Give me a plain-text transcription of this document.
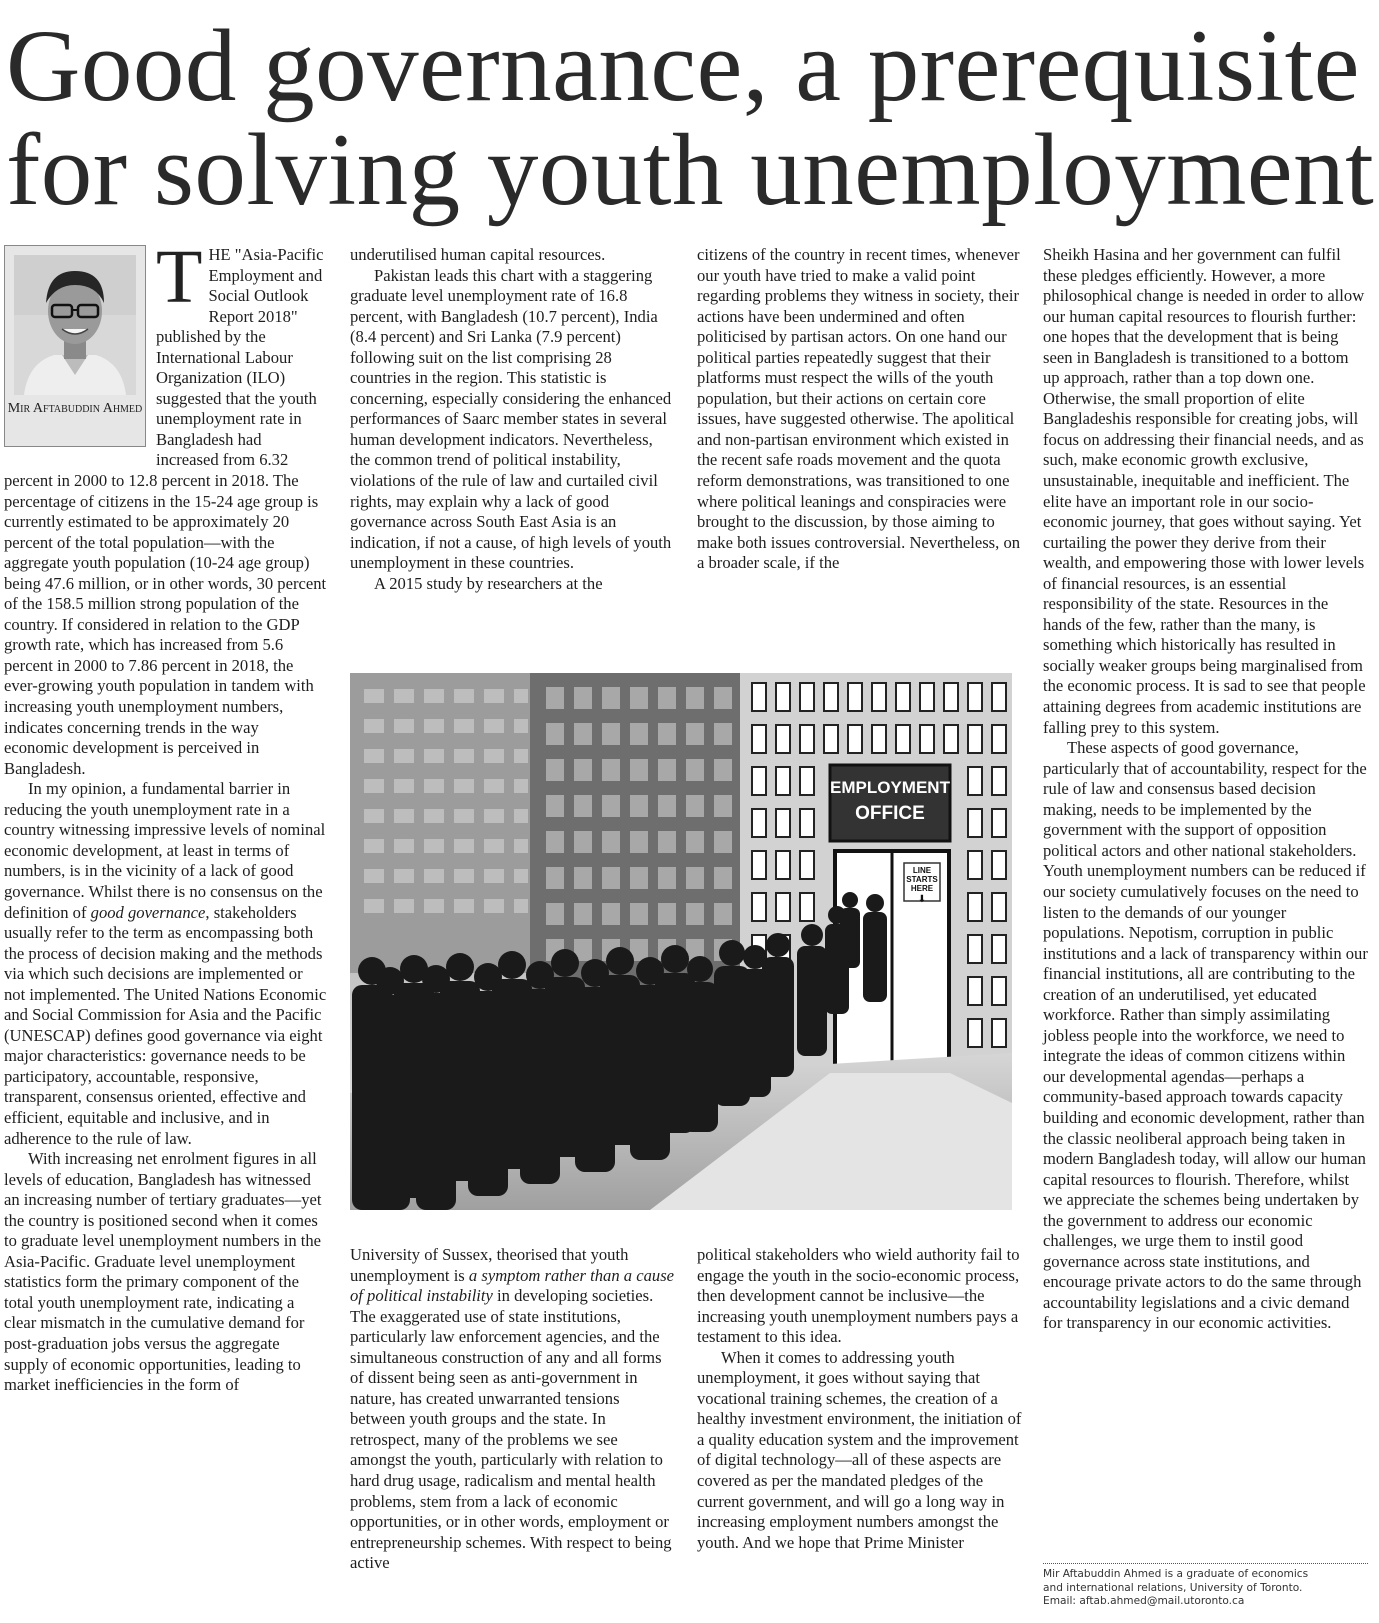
Good governance, a prerequisite
for solving youth unemployment
Mir Aftabuddin Ahmed

THE "Asia-Pacific Employment and Social Outlook Report 2018" published by the International Labour Organization (ILO) suggested that the youth unemployment rate in Bangladesh had increased from 6.32 percent in 2000 to 12.8 percent in 2018. The percentage of citizens in the 15-24 age group is currently estimated to be approximately 20 percent of the total population—with the aggregate youth population (10-24 age group) being 47.6 million, or in other words, 30 percent of the 158.5 million strong population of the country. If considered in relation to the GDP growth rate, which has increased from 5.6 percent in 2000 to 7.86 percent in 2018, the ever-growing youth population in tandem with increasing youth unemployment numbers, indicates concerning trends in the way economic development is perceived in Bangladesh.

In my opinion, a fundamental barrier in reducing the youth unemployment rate in a country witnessing impressive levels of nominal economic development, at least in terms of numbers, is in the vicinity of a lack of good governance. Whilst there is no consensus on the definition of good governance, stakeholders usually refer to the term as encompassing both the process of decision making and the methods via which such decisions are implemented or not implemented. The United Nations Economic and Social Commission for Asia and the Pacific (UNESCAP) defines good governance via eight major characteristics: governance needs to be participatory, accountable, responsive, transparent, consensus oriented, effective and efficient, equitable and inclusive, and in adherence to the rule of law.

With increasing net enrolment figures in all levels of education, Bangladesh has witnessed an increasing number of tertiary graduates—yet the country is positioned second when it comes to graduate level unemployment numbers in the Asia-Pacific. Graduate level unemployment statistics form the primary component of the total youth unemployment rate, indicating a clear mismatch in the cumulative demand for post-graduation jobs versus the aggregate supply of economic opportunities, leading to market inefficiencies in the form of

underutilised human capital resources.

Pakistan leads this chart with a staggering graduate level unemployment rate of 16.8 percent, with Bangladesh (10.7 percent), India (8.4 percent) and Sri Lanka (7.9 percent) following suit on the list comprising 28 countries in the region. This statistic is concerning, especially considering the enhanced performances of Saarc member states in several human development indicators. Nevertheless, the common trend of political instability, violations of the rule of law and curtailed civil rights, may explain why a lack of good governance across South East Asia is an indication, if not a cause, of high levels of youth unemployment in these countries.

A 2015 study by researchers at the

citizens of the country in recent times, whenever our youth have tried to make a valid point regarding problems they witness in society, their actions have been undermined and often politicised by partisan actors. On one hand our political parties repeatedly suggest that their platforms must respect the wills of the youth population, but their actions on certain core issues, have suggested otherwise. The apolitical and non-partisan environment which existed in the recent safe roads movement and the quota reform demonstrations, was transitioned to one where political leanings and conspiracies were brought to the discussion, by those aiming to make both issues controversial. Nevertheless, on a broader scale, if the

EMPLOYMENT
OFFICE
LINE
STARTS
HERE
⬇

University of Sussex, theorised that youth unemployment is a symptom rather than a cause of political instability in developing societies. The exaggerated use of state institutions, particularly law enforcement agencies, and the simultaneous construction of any and all forms of dissent being seen as anti-government in nature, has created unwarranted tensions between youth groups and the state. In retrospect, many of the problems we see amongst the youth, particularly with relation to hard drug usage, radicalism and mental health problems, stem from a lack of economic opportunities, or in other words, employment or entrepreneurship schemes. With respect to being active

political stakeholders who wield authority fail to engage the youth in the socio-economic process, then development cannot be inclusive—the increasing youth unemployment numbers pays a testament to this idea.

When it comes to addressing youth unemployment, it goes without saying that vocational training schemes, the creation of a healthy investment environment, the initiation of a quality education system and the improvement of digital technology—all of these aspects are covered as per the mandated pledges of the current government, and will go a long way in increasing employment numbers amongst the youth. And we hope that Prime Minister

Sheikh Hasina and her government can fulfil these pledges efficiently. However, a more philosophical change is needed in order to allow our human capital resources to flourish further: one hopes that the development that is being seen in Bangladesh is transitioned to a bottom up approach, rather than a top down one. Otherwise, the small proportion of elite Bangladeshis responsible for creating jobs, will focus on addressing their financial needs, and as such, make economic growth exclusive, unsustainable, inequitable and inefficient. The elite have an important role in our socio-economic journey, that goes without saying. Yet curtailing the power they derive from their wealth, and empowering those with lower levels of financial resources, is an essential responsibility of the state. Resources in the hands of the few, rather than the many, is something which historically has resulted in socially weaker groups being marginalised from the economic process. It is sad to see that people attaining degrees from academic institutions are falling prey to this system.

These aspects of good governance, particularly that of accountability, respect for the rule of law and consensus based decision making, needs to be implemented by the government with the support of opposition political actors and other national stakeholders. Youth unemployment numbers can be reduced if our society cumulatively focuses on the need to listen to the demands of our younger populations. Nepotism, corruption in public institutions and a lack of transparency within our financial institutions, all are contributing to the creation of an underutilised, yet educated workforce. Rather than simply assimilating jobless people into the workforce, we need to integrate the ideas of common citizens within our developmental agendas—perhaps a community-based approach towards capacity building and economic development, rather than the classic neoliberal approach being taken in modern Bangladesh today, will allow our human capital resources to flourish. Therefore, whilst we appreciate the schemes being undertaken by the government to address our economic challenges, we urge them to instil good governance across state institutions, and encourage private actors to do the same through accountability legislations and a civic demand for transparency in our economic activities.

Mir Aftabuddin Ahmed is a graduate of economics
and international relations, University of Toronto.
Email: aftab.ahmed@mail.utoronto.ca
